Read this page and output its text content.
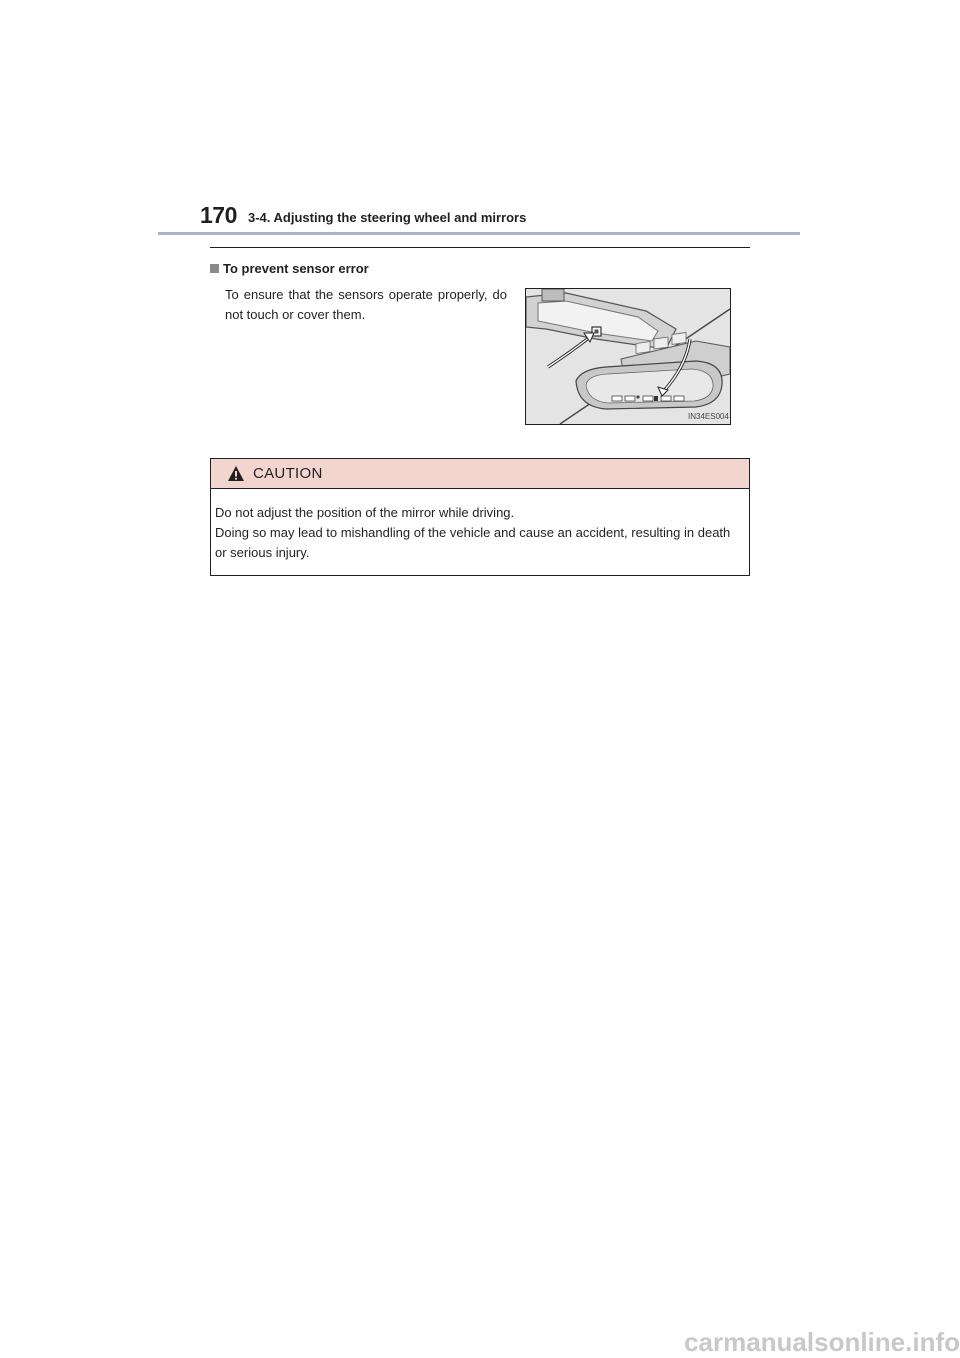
170 3-4. Adjusting the steering wheel and mirrors
To prevent sensor error
To ensure that the sensors operate properly, do not touch or cover them.
IN34ES004
CAUTION

Do not adjust the position of the mirror while driving.

Doing so may lead to mishandling of the vehicle and cause an accident, resulting in death or serious injury.

carmanualsonline.info
